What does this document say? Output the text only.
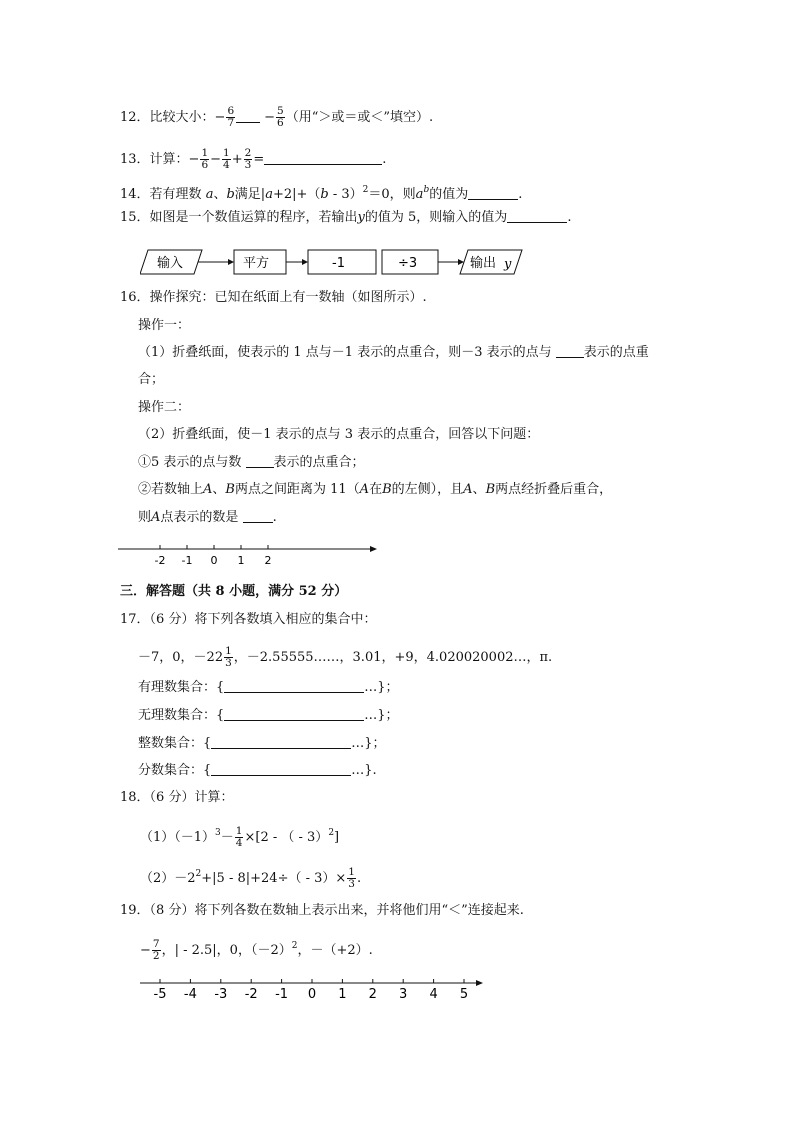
12．比较大小：− $\frac{6}{7} - \frac{5}{6}$ （用“＞或＝或＜”填空）.
13．计算：− $\frac{1}{6} - \frac{1}{4} + \frac{2}{3}$ =	.
14．若有理数 a、b满足|a+2|+（b - 3）$^2$＝0，则$a^b$的值为	.
15．如图是一个数值运算的程序，若输出y的值为 5，则输入的值为	.
输入	平方	-1	÷3	输出 y
16．操作探究：已知在纸面上有一数轴（如图所示）.
操作一：
（1）折叠纸面，使表示的 1 点与－1 表示的点重合，则－3 表示的点与 表示的点重
合；
操作二：
（2）折叠纸面，使－1 表示的点与 3 表示的点重合，回答以下问题：
①5 表示的点与数 表示的点重合；
②若数轴上A、B两点之间距离为 11（A在B的左侧），且A、B两点经折叠后重合，
则A点表示的数是	.
-2 -1 0 1 2
三．解答题（共 8 小题，满分 52 分）
17．（6 分）将下列各数填入相应的集合中：
－7，0，$-22 \frac{1}{3}$ ，－2.55555……，3.01，+9，4.020020002…，π.
有理数集合：{	…}；
无理数集合：{	…}；
整数集合：{	…}；
分数集合：{	…}.
18．（6 分）计算：
$(1)(-1)^3- \frac{1}{4} \times[2$ - （ - 3）$^2$]
$(2)-2^2+|5 - 8|+24\div( - 3)\times \frac{1}{3}$ .
19．（8 分）将下列各数在数轴上表示出来，并将他们用“＜”连接起来.
− $\frac{7}{2}$ ，| - 2.5|，0，$(-2)^2$，－（+2）.
-5 -4 -3 -2 -1 0 1 2 3 4 5
